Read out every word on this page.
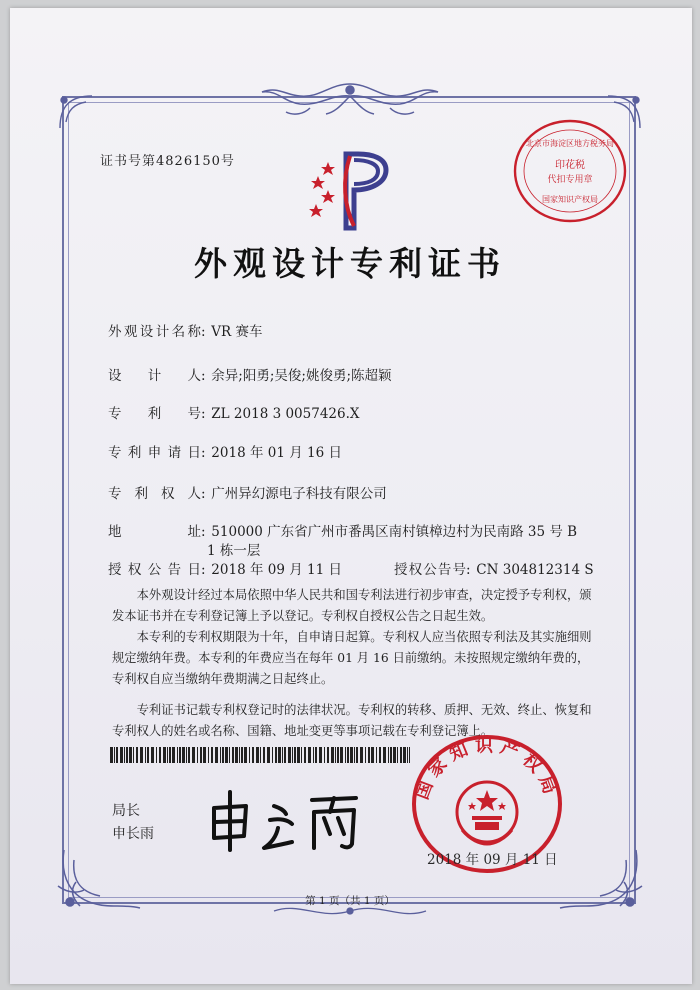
证书号第4826150号
北京市海淀区地方税务局
印花税
代扣专用章
国家知识产权局
外观设计专利证书
外观设计名称: VR 赛车
设计人: 余异;阳勇;吴俊;姚俊勇;陈超颖
专利号: ZL 2018 3 0057426.X
专利申请日: 2018 年 01 月 16 日
专利权人: 广州异幻源电子科技有限公司
地址: 510000 广东省广州市番禺区南村镇樟边村为民南路 35 号 B
1 栋一层
授权公告日: 2018 年 09 月 11 日	授权公告号: CN 304812314 S

本外观设计经过本局依照中华人民共和国专利法进行初步审查，决定授予专利权，颁发本证书并在专利登记簿上予以登记。专利权自授权公告之日起生效。

本专利的专利权期限为十年，自申请日起算。专利权人应当依照专利法及其实施细则规定缴纳年费。本专利的年费应当在每年 01 月 16 日前缴纳。未按照规定缴纳年费的，专利权自应当缴纳年费期满之日起终止。

专利证书记载专利权登记时的法律状况。专利权的转移、质押、无效、终止、恢复和专利权人的姓名或名称、国籍、地址变更等事项记载在专利登记簿上。

局长
申长雨
国家知识产权局
2018 年 09 月 11 日
第 1 页（共 1 页）
